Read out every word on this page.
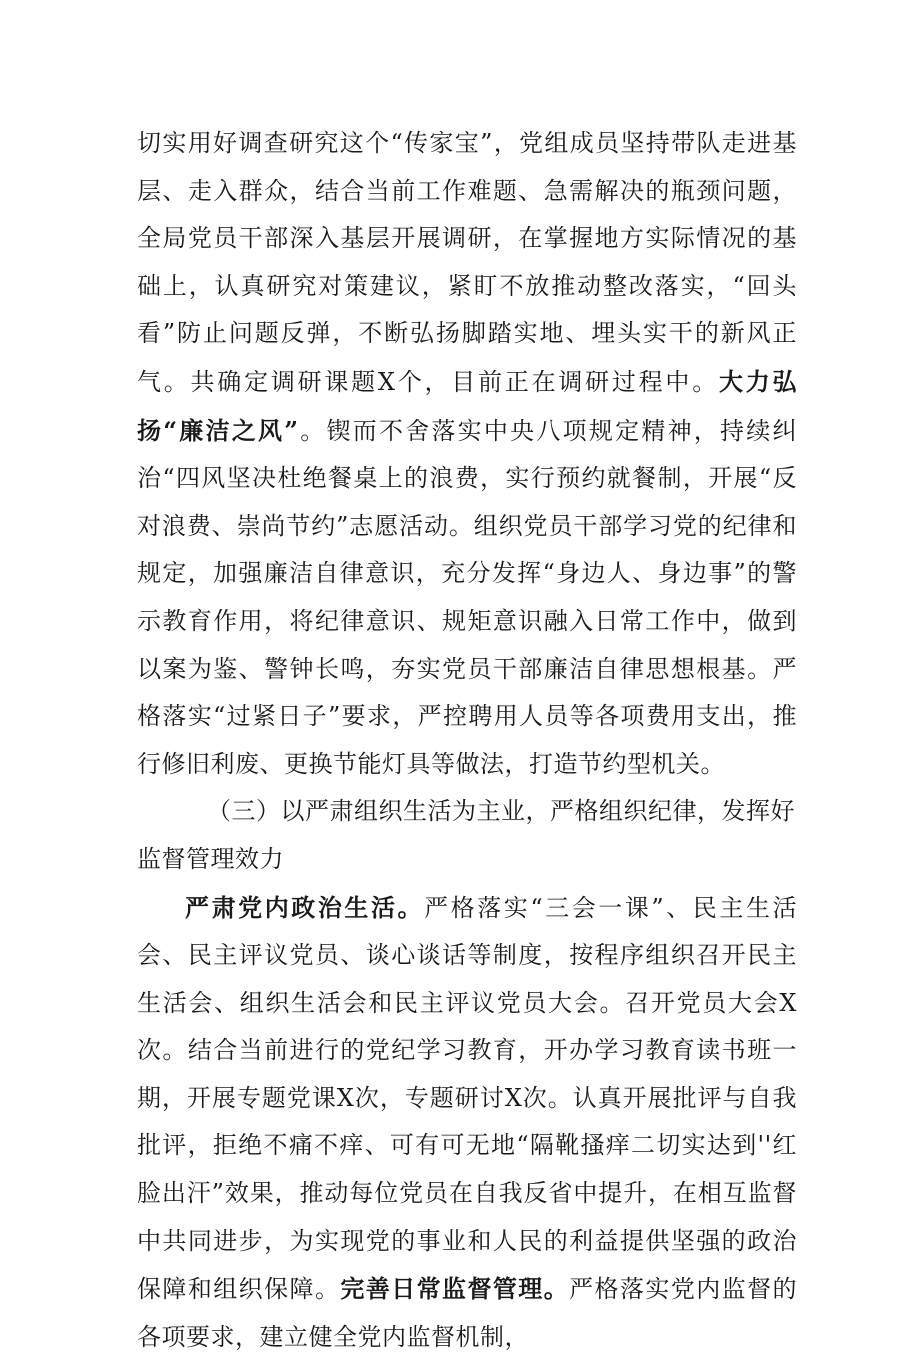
切实用好调查研究这个“传家宝”，党组成员坚持带队走进基层、走入群众，结合当前工作难题、急需解决的瓶颈问题，全局党员干部深入基层开展调研，在掌握地方实际情况的基础上，认真研究对策建议，紧盯不放推动整改落实，“回头看”防止问题反弹，不断弘扬脚踏实地、埋头实干的新风正气。共确定调研课题X个，目前正在调研过程中。大力弘扬“廉洁之风”。锲而不舍落实中央八项规定精神，持续纠治“四风坚决杜绝餐桌上的浪费，实行预约就餐制，开展“反对浪费、崇尚节约”志愿活动。组织党员干部学习党的纪律和规定，加强廉洁自律意识，充分发挥“身边人、身边事”的警示教育作用，将纪律意识、规矩意识融入日常工作中，做到以案为鉴、警钟长鸣，夯实党员干部廉洁自律思想根基。严格落实“过紧日子”要求，严控聘用人员等各项费用支出，推行修旧利废、更换节能灯具等做法，打造节约型机关。

（三）以严肃组织生活为主业，严格组织纪律，发挥好监督管理效力

严肃党内政治生活。严格落实“三会一课”、民主生活会、民主评议党员、谈心谈话等制度，按程序组织召开民主生活会、组织生活会和民主评议党员大会。召开党员大会X次。结合当前进行的党纪学习教育，开办学习教育读书班一期，开展专题党课X次，专题研讨X次。认真开展批评与自我批评，拒绝不痛不痒、可有可无地“隔靴搔痒二切实达到''红脸出汗”效果，推动每位党员在自我反省中提升，在相互监督中共同进步，为实现党的事业和人民的利益提供坚强的政治保障和组织保障。完善日常监督管理。严格落实党内监督的各项要求，建立健全党内监督机制，
